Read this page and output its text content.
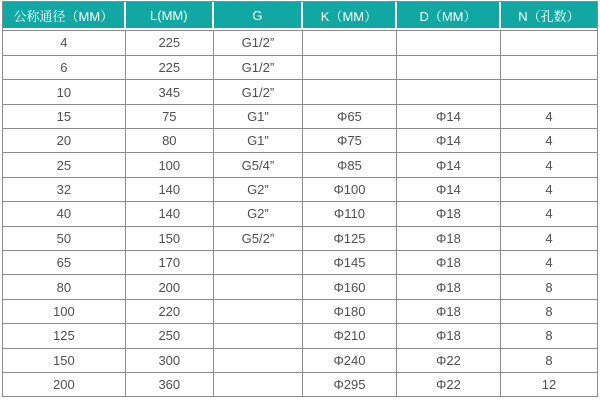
公称通径（MM）	L(MM)	G	K（MM）	D（MM）	N（孔数）
4	225	G1/2”			
6	225	G1/2”			
10	345	G1/2”			
15	75	G1”	Φ65	Φ14	4
20	80	G1”	Φ75	Φ14	4
25	100	G5/4”	Φ85	Φ14	4
32	140	G2”	Φ100	Φ14	4
40	140	G2”	Φ110	Φ18	4
50	150	G5/2”	Φ125	Φ18	4
65	170		Φ145	Φ18	4
80	200		Φ160	Φ18	8
100	220		Φ180	Φ18	8
125	250		Φ210	Φ18	8
150	300		Φ240	Φ22	8
200	360		Φ295	Φ22	12
